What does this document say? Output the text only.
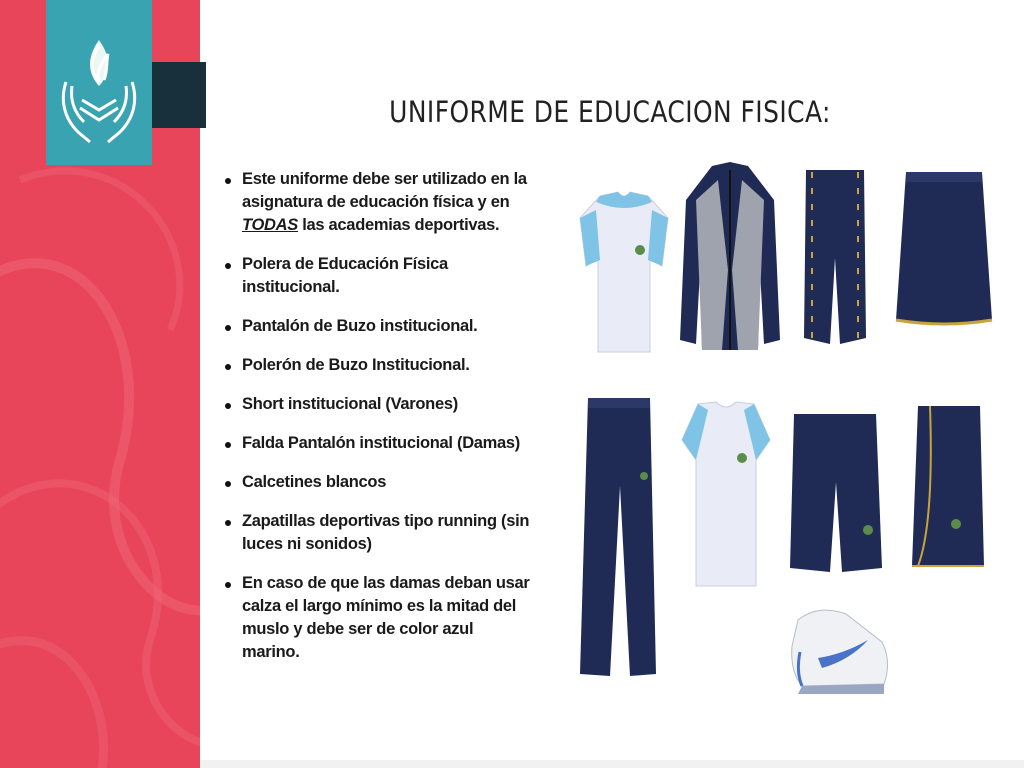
UNIFORME DE EDUCACION FISICA:
Este uniforme debe ser utilizado en la asignatura de educación física y en TODAS las academias deportivas.
Polera de Educación Física institucional.
Pantalón de Buzo institucional.
Polerón de Buzo Institucional.
Short institucional (Varones)
Falda Pantalón institucional (Damas)
Calcetines blancos
Zapatillas deportivas tipo running (sin luces ni sonidos)
En caso de que las damas deban usar calza el largo mínimo es la mitad del muslo y debe ser de color azul marino.
